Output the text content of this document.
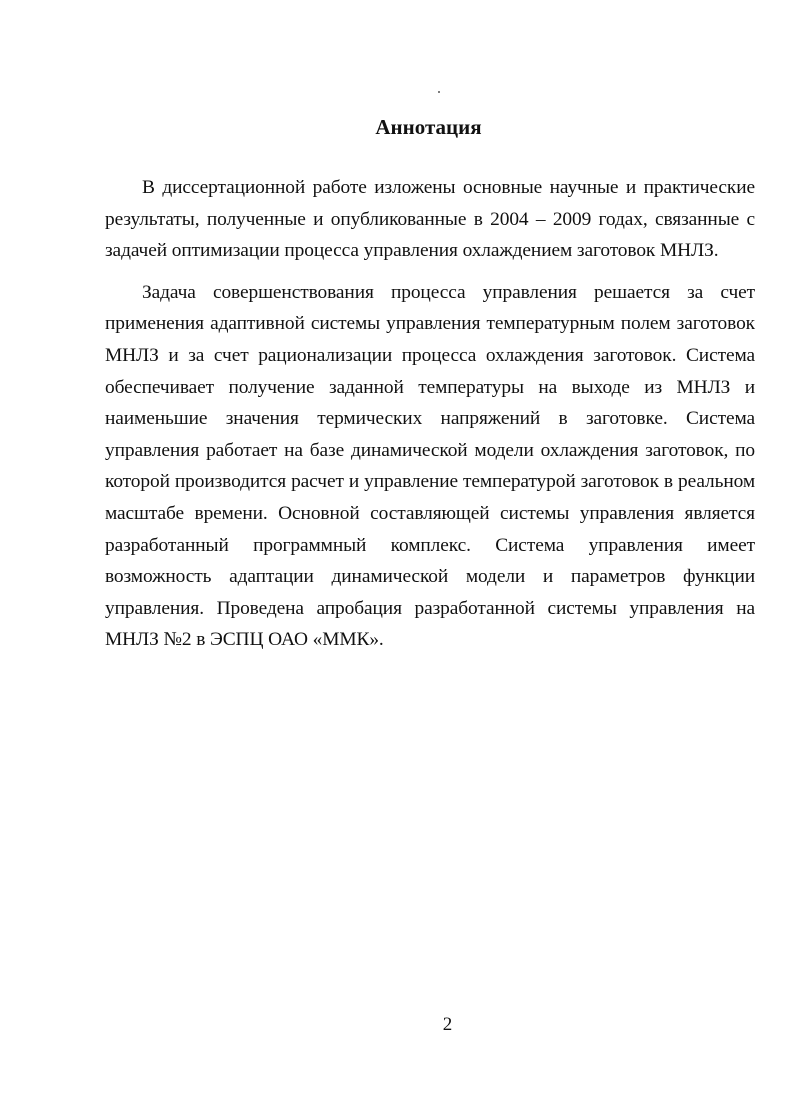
Аннотация

В диссертационной работе изложены основные научные и практические результаты, полученные и опубликованные в 2004 – 2009 годах, связанные с задачей оптимизации процесса управления охлаждением заготовок МНЛЗ.

Задача совершенствования процесса управления решается за счет применения адаптивной системы управления температурным полем заготовок МНЛЗ и за счет рационализации процесса охлаждения заготовок. Система обеспечивает получение заданной температуры на выходе из МНЛЗ и наименьшие значения термических напряжений в заготовке. Система управления работает на базе динамической модели охлаждения заготовок, по которой производится расчет и управление температурой заготовок в реальном масштабе времени. Основной составляющей системы управления является разработанный программный комплекс. Система управления имеет возможность адаптации динамической модели и параметров функции управления. Проведена апробация разработанной системы управления на МНЛЗ №2 в ЭСПЦ ОАО «ММК».

2
